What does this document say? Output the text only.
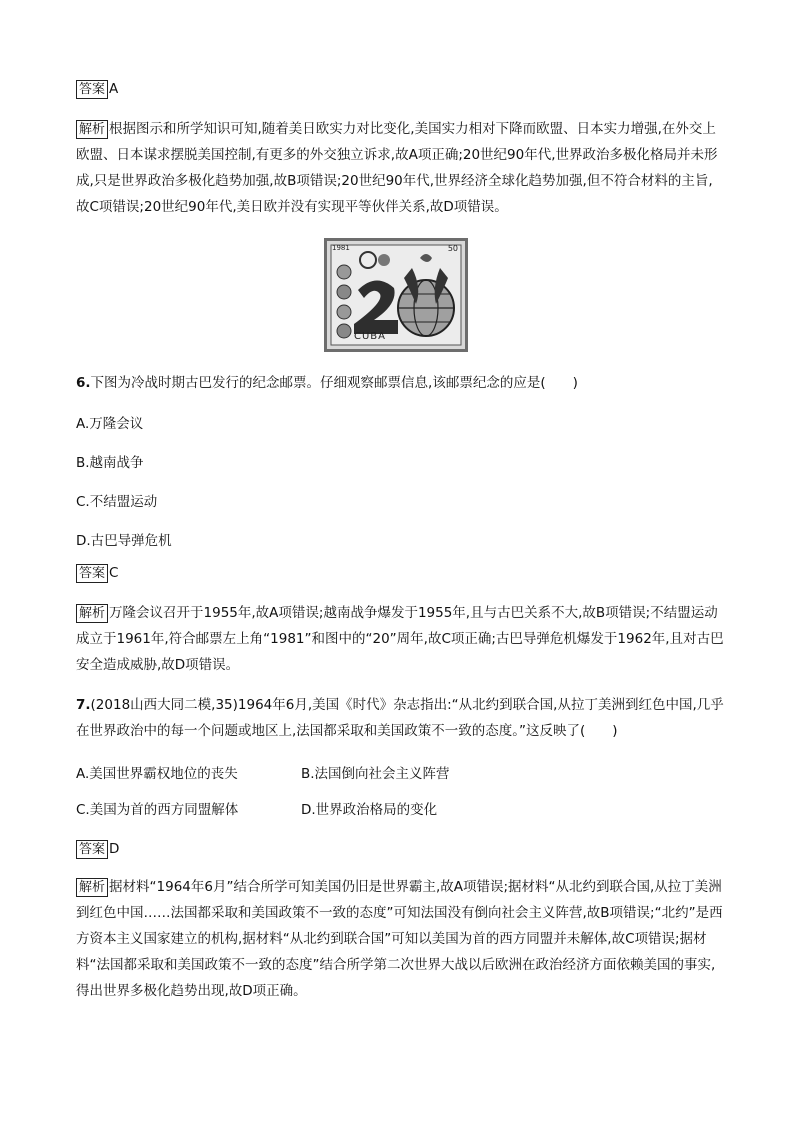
答案 A
解析 根据图示和所学知识可知,随着美日欧实力对比变化,美国实力相对下降而欧盟、日本实力增强,在外交上欧盟、日本谋求摆脱美国控制,有更多的外交独立诉求,故A项正确;20世纪90年代,世界政治多极化格局并未形成,只是世界政治多极化趋势加强,故B项错误;20世纪90年代,世界经济全球化趋势加强,但不符合材料的主旨,故C项错误;20世纪90年代,美日欧并没有实现平等伙伴关系,故D项错误。
1981	50
CUBA
6.下图为冷战时期古巴发行的纪念邮票。仔细观察邮票信息,该邮票纪念的应是(　　)
A.万隆会议
B.越南战争
C.不结盟运动
D.古巴导弹危机
答案 C
解析 万隆会议召开于1955年,故A项错误;越南战争爆发于1955年,且与古巴关系不大,故B项错误;不结盟运动成立于1961年,符合邮票左上角“1981”和图中的“20”周年,故C项正确;古巴导弹危机爆发于1962年,且对古巴安全造成威胁,故D项错误。
7.(2018山西大同二模,35)1964年6月,美国《时代》杂志指出:“从北约到联合国,从拉丁美洲到红色中国,几乎在世界政治中的每一个问题或地区上,法国都采取和美国政策不一致的态度。”这反映了(　　)
A.美国世界霸权地位的丧失	B.法国倒向社会主义阵营
C.美国为首的西方同盟解体	D.世界政治格局的变化
答案 D
解析 据材料“1964年6月”结合所学可知美国仍旧是世界霸主,故A项错误;据材料“从北约到联合国,从拉丁美洲到红色中国……法国都采取和美国政策不一致的态度”可知法国没有倒向社会主义阵营,故B项错误;“北约”是西方资本主义国家建立的机构,据材料“从北约到联合国”可知以美国为首的西方同盟并未解体,故C项错误;据材料“法国都采取和美国政策不一致的态度”结合所学第二次世界大战以后欧洲在政治经济方面依赖美国的事实,得出世界多极化趋势出现,故D项正确。
